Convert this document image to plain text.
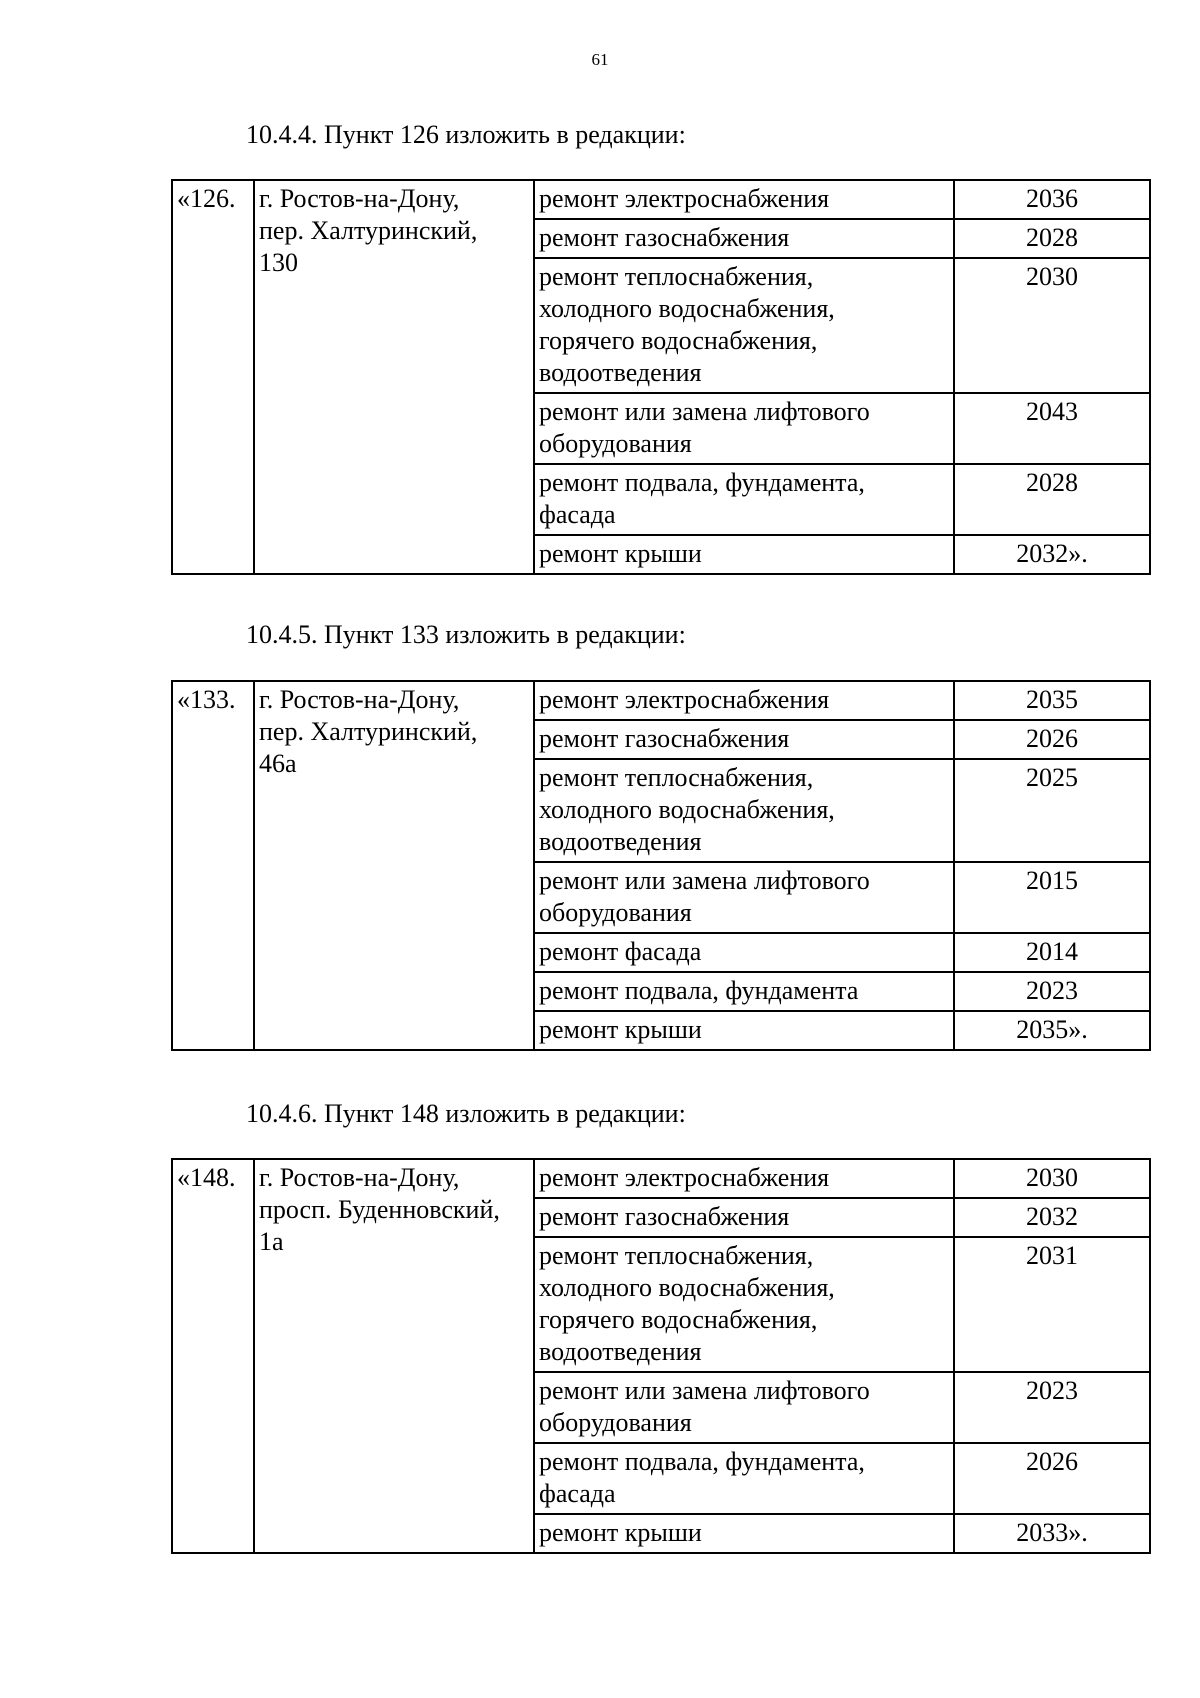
61
10.4.4. Пункт 126 изложить в редакции:
«126.	г. Ростов-на-Дону,
пер. Халтуринский,
130	ремонт электроснабжения	2036

		ремонт газоснабжения	2028

		ремонт теплоснабжения,
холодного водоснабжения,
горячего водоснабжения,
водоотведения	2030

		ремонт или замена лифтового
оборудования	2043

		ремонт подвала, фундамента,
фасада	2028

		ремонт крыши	2032».
10.4.5. Пункт 133 изложить в редакции:
«133.	г. Ростов-на-Дону,
пер. Халтуринский,
46а	ремонт электроснабжения	2035

		ремонт газоснабжения	2026

		ремонт теплоснабжения,
холодного водоснабжения,
водоотведения	2025

		ремонт или замена лифтового
оборудования	2015

		ремонт фасада	2014

		ремонт подвала, фундамента	2023

		ремонт крыши	2035».
10.4.6. Пункт 148 изложить в редакции:
«148.	г. Ростов-на-Дону,
просп. Буденновский,
1а	ремонт электроснабжения	2030

		ремонт газоснабжения	2032

		ремонт теплоснабжения,
холодного водоснабжения,
горячего водоснабжения,
водоотведения	2031

		ремонт или замена лифтового
оборудования	2023

		ремонт подвала, фундамента,
фасада	2026

		ремонт крыши	2033».
